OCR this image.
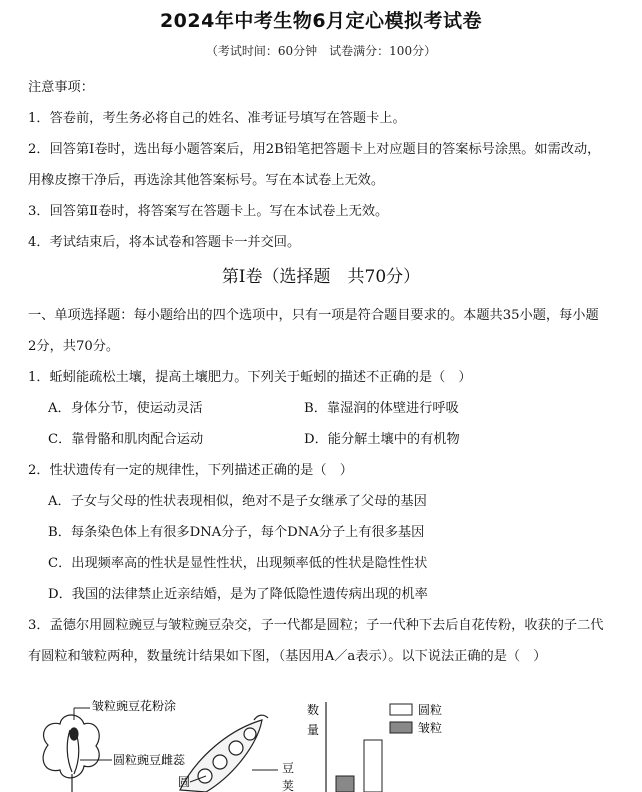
2024年中考生物6月定心模拟考试卷
（考试时间：60分钟　试卷满分：100分）
注意事项：
1．答卷前，考生务必将自己的姓名、准考证号填写在答题卡上。
2．回答第Ⅰ卷时，选出每小题答案后，用2B铅笔把答题卡上对应题目的答案标号涂黑。如需改动，
用橡皮擦干净后，再选涂其他答案标号。写在本试卷上无效。
3．回答第Ⅱ卷时，将答案写在答题卡上。写在本试卷上无效。
4．考试结束后，将本试卷和答题卡一并交回。
第Ⅰ卷（选择题　共70分）
一、单项选择题：每小题给出的四个选项中，只有一项是符合题目要求的。本题共35小题，每小题
2分，共70分。
1．蚯蚓能疏松土壤，提高土壤肥力。下列关于蚯蚓的描述不正确的是（　）
A．身体分节，使运动灵活	B．靠湿润的体壁进行呼吸
C．靠骨骼和肌肉配合运动	D．能分解土壤中的有机物
2．性状遗传有一定的规律性，下列描述正确的是（　）
A．子女与父母的性状表现相似，绝对不是子女继承了父母的基因
B．每条染色体上有很多DNA分子，每个DNA分子上有很多基因
C．出现频率高的性状是显性性状，出现频率低的性状是隐性性状
D．我国的法律禁止近亲结婚，是为了降低隐性遗传病出现的机率
3．孟德尔用圆粒豌豆与皱粒豌豆杂交，子一代都是圆粒；子一代种下去后自花传粉，收获的子二代
有圆粒和皱粒两种，数量统计结果如下图，（基因用A／a表示）。以下说法正确的是（　）
皱粒豌豆花粉涂
圆粒豌豆雌蕊
圆
豆
荚
数
量
圆粒
皱粒
